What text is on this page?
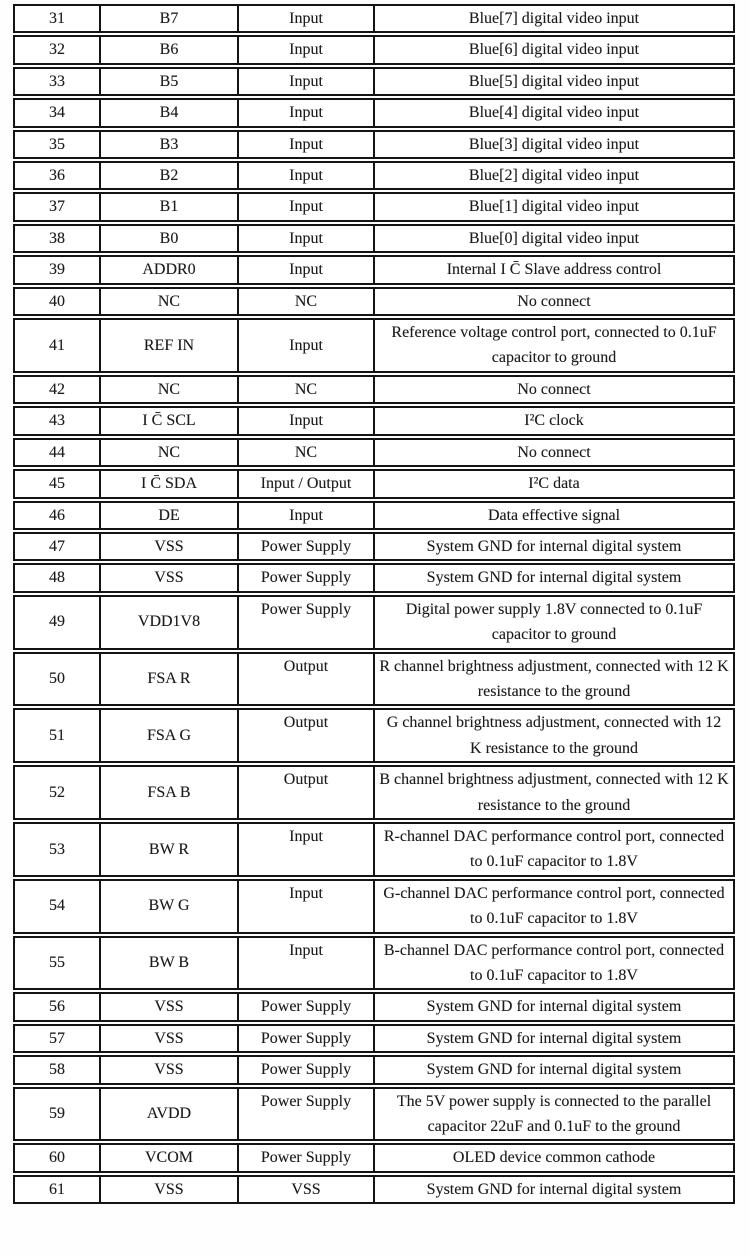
31	B7	Input	Blue[7] digital video input
32	B6	Input	Blue[6] digital video input
33	B5	Input	Blue[5] digital video input
34	B4	Input	Blue[4] digital video input
35	B3	Input	Blue[3] digital video input
36	B2	Input	Blue[2] digital video input
37	B1	Input	Blue[1] digital video input
38	B0	Input	Blue[0] digital video input
39	ADDR0	Input	Internal I C̄ Slave address control
40	NC	NC	No connect
41	REF IN	Input	Reference voltage control port, connected to 0.1uF capacitor to ground
42	NC	NC	No connect
43	I C̄ SCL	Input	I²C clock
44	NC	NC	No connect
45	I C̄ SDA	Input / Output	I²C data
46	DE	Input	Data effective signal
47	VSS	Power Supply	System GND for internal digital system
48	VSS	Power Supply	System GND for internal digital system
49	VDD1V8	Power Supply	Digital power supply 1.8V connected to 0.1uF capacitor to ground
50	FSA R	Output	R channel brightness adjustment, connected with 12 K resistance to the ground
51	FSA G	Output	G channel brightness adjustment, connected with 12 K resistance to the ground
52	FSA B	Output	B channel brightness adjustment, connected with 12 K resistance to the ground
53	BW R	Input	R-channel DAC performance control port, connected to 0.1uF capacitor to 1.8V
54	BW G	Input	G-channel DAC performance control port, connected to 0.1uF capacitor to 1.8V
55	BW B	Input	B-channel DAC performance control port, connected to 0.1uF capacitor to 1.8V
56	VSS	Power Supply	System GND for internal digital system
57	VSS	Power Supply	System GND for internal digital system
58	VSS	Power Supply	System GND for internal digital system
59	AVDD	Power Supply	The 5V power supply is connected to the parallel capacitor 22uF and 0.1uF to the ground
60	VCOM	Power Supply	OLED device common cathode
61	VSS	VSS	System GND for internal digital system
